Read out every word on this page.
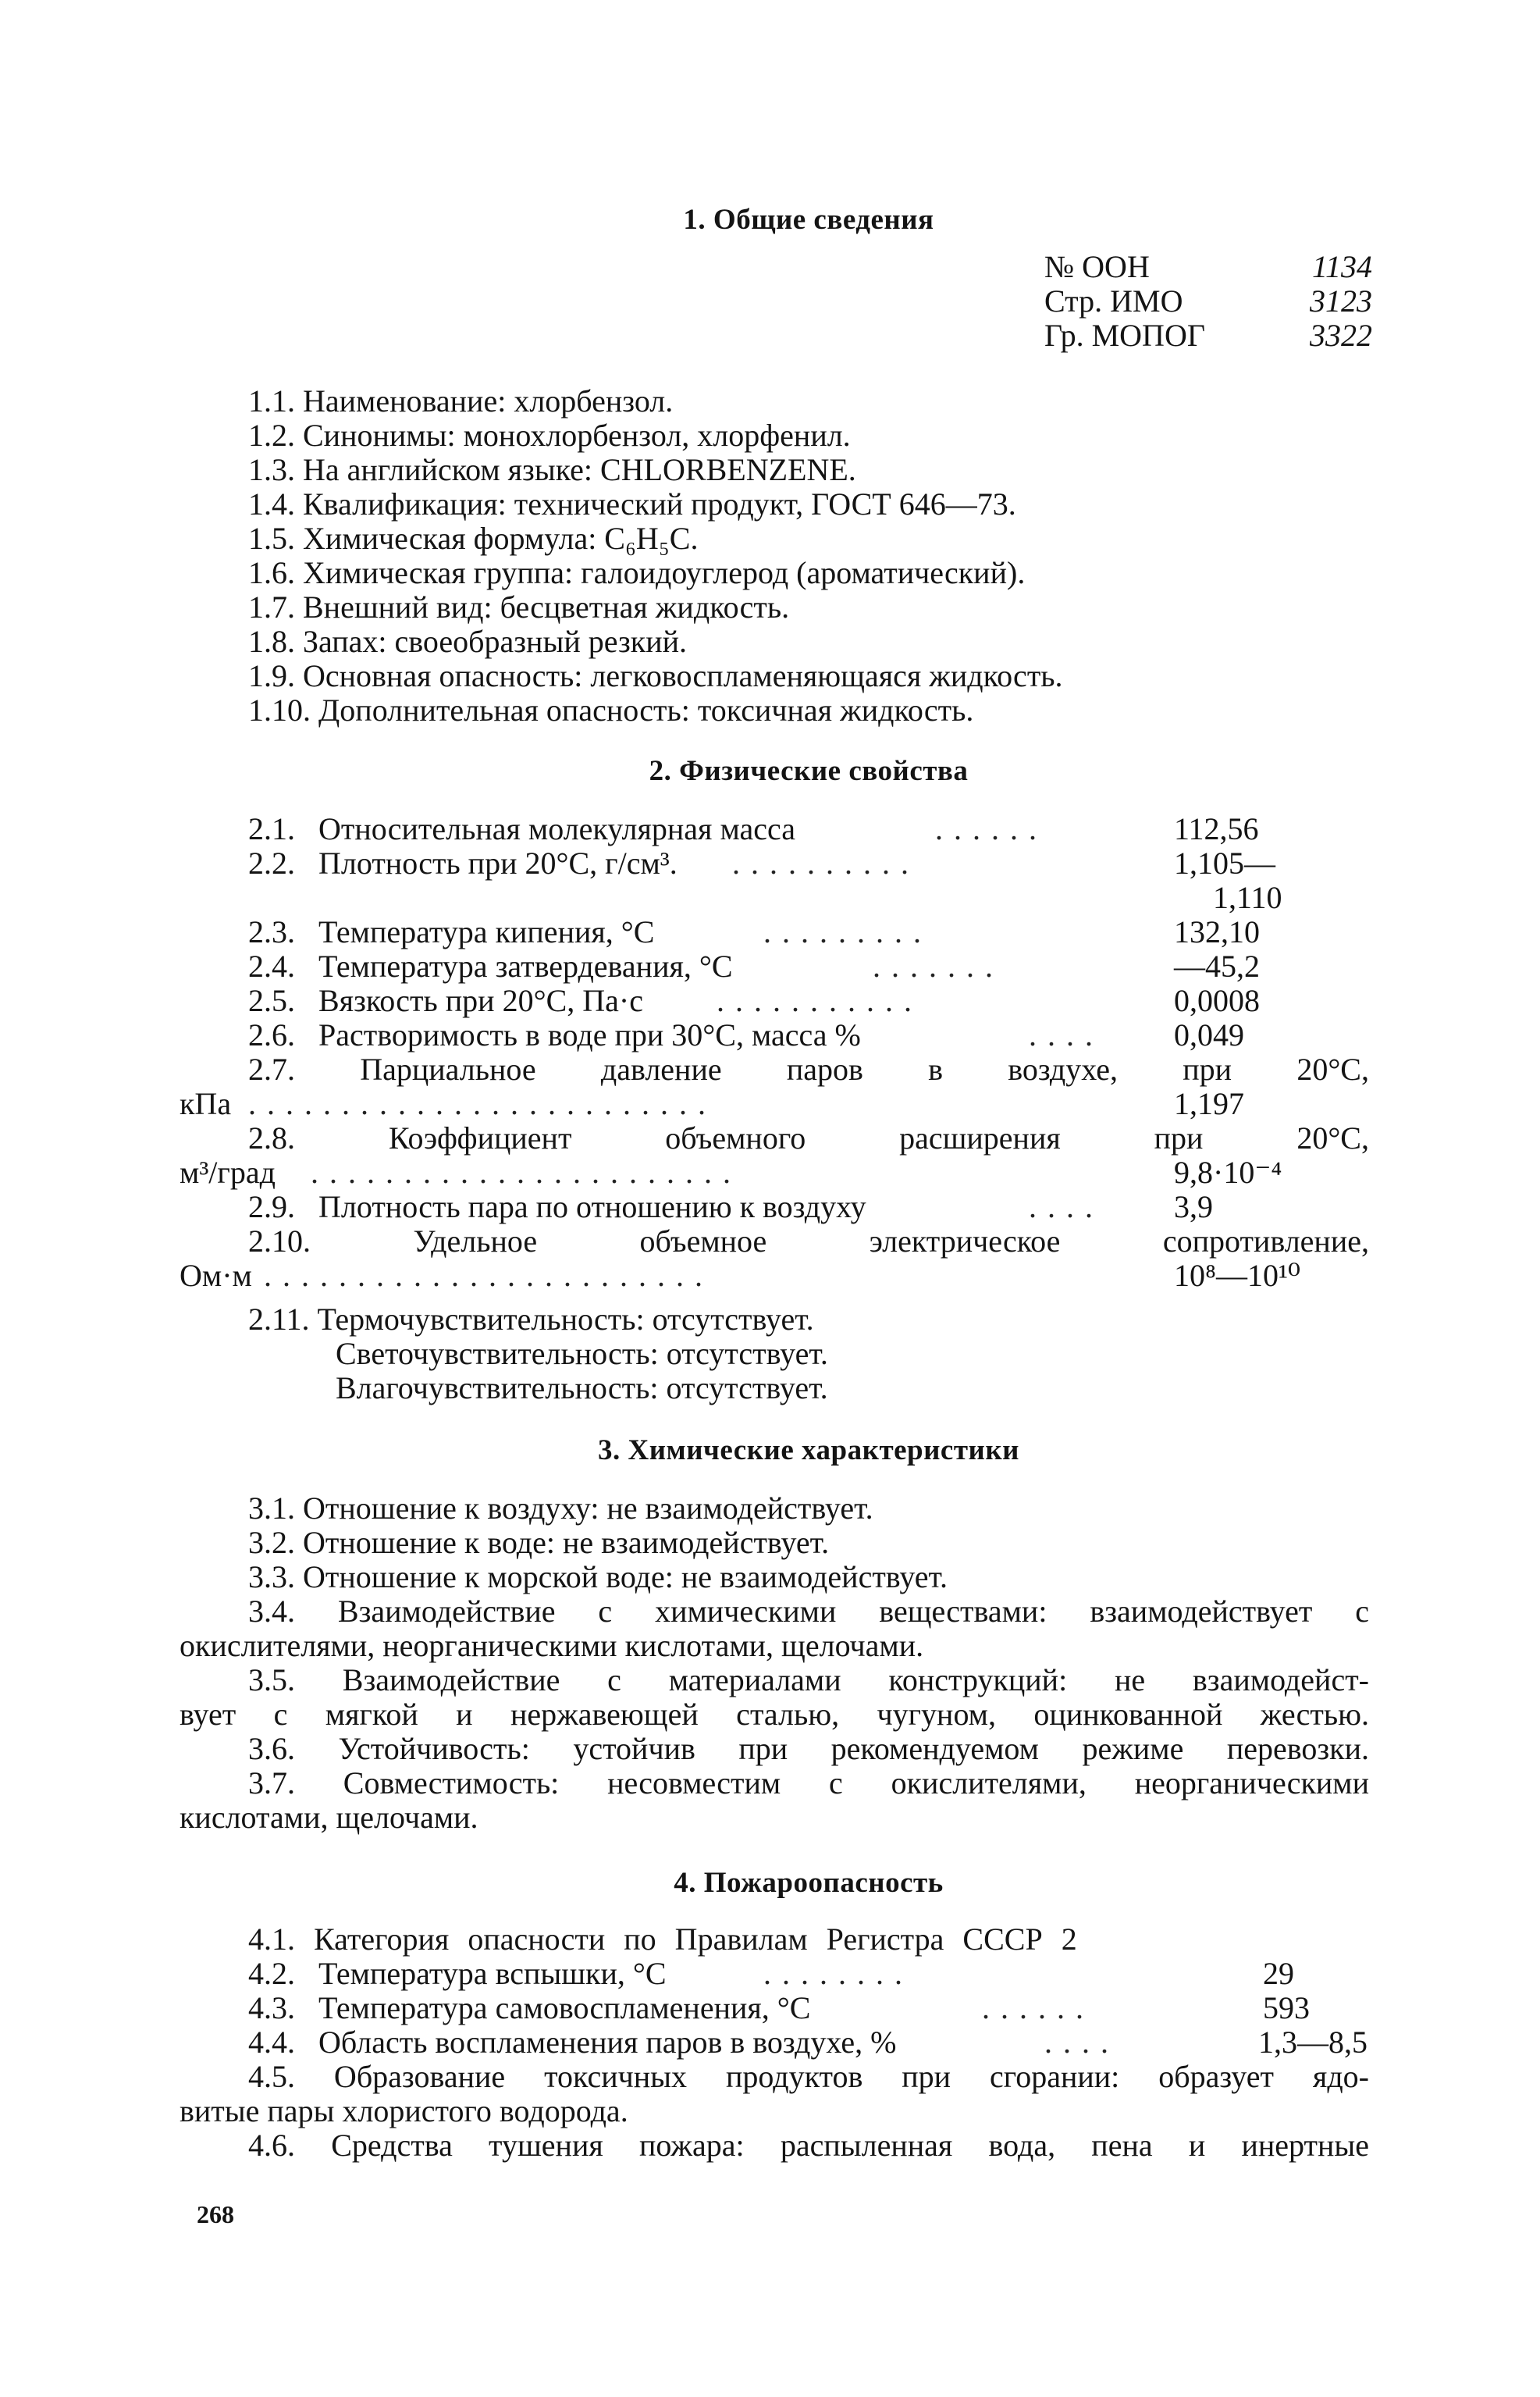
1. Общие сведения
№ ООН	1134
Стр. ИМО	3123
Гр. МОПОГ	3322
1.1. Наименование: хлорбензол.
1.2. Синонимы: монохлорбензол, хлорфенил.
1.3. На английском языке: CHLORBENZENE.
1.4. Квалификация: технический продукт, ГОСТ 646—73.
1.5. Химическая формула: C₆H₅C.
1.6. Химическая группа: галоидоуглерод (ароматический).
1.7. Внешний вид: бесцветная жидкость.
1.8. Запах: своеобразный резкий.
1.9. Основная опасность: легковоспламеняющаяся жидкость.
1.10. Дополнительная опасность: токсичная жидкость.
2. Физические свойства
2.1. Относительная молекулярная масса	......	112,56
2.2. Плотность при 20°С, г/см³. ..........	1,105—
1,110
2.3. Температура кипения, °С	.........	132,10
2.4. Температура затвердевания, °С	.......	—45,2
2.5. Вязкость при 20°С, Па·с ...........	0,0008
2.6. Растворимость в воде при 30°С, масса %	.... 0,049
2.7. Парциальное давление паров в воздухе, при 20°С,
кПа .........................	1,197
2.8. Коэффициент объемного расширения при 20°С,
м³/град .......................	9,8·10⁻⁴
2.9. Плотность пара по отношению к воздуху	.... 3,9
2.10. Удельное объемное электрическое сопротивление,
Ом·м ........................	10⁸—10¹⁰
2.11. Термочувствительность: отсутствует.
Светочувствительность: отсутствует.
Влагочувствительность: отсутствует.
3. Химические характеристики
3.1. Отношение к воздуху: не взаимодействует.
3.2. Отношение к воде: не взаимодействует.
3.3. Отношение к морской воде: не взаимодействует.
3.4. Взаимодействие с химическими веществами: взаимодействует с
окислителями, неорганическими кислотами, щелочами.
3.5. Взаимодействие с материалами конструкций: не взаимодейст-
вует с мягкой и нержавеющей сталью, чугуном, оцинкованной жестью.
3.6. Устойчивость: устойчив при рекомендуемом режиме перевозки.
3.7. Совместимость: несовместим с окислителями, неорганическими
кислотами, щелочами.
4. Пожароопасность
4.1. Категория опасности по Правилам Регистра СССР 2
4.2. Температура вспышки, °С	........	29
4.3. Температура самовоспламенения, °С	......	593
4.4. Область воспламенения паров в воздухе, %	....	1,3—8,5
4.5. Образование токсичных продуктов при сгорании: образует ядо-
витые пары хлористого водорода.
4.6. Средства тушения пожара: распыленная вода, пена и инертные
268
